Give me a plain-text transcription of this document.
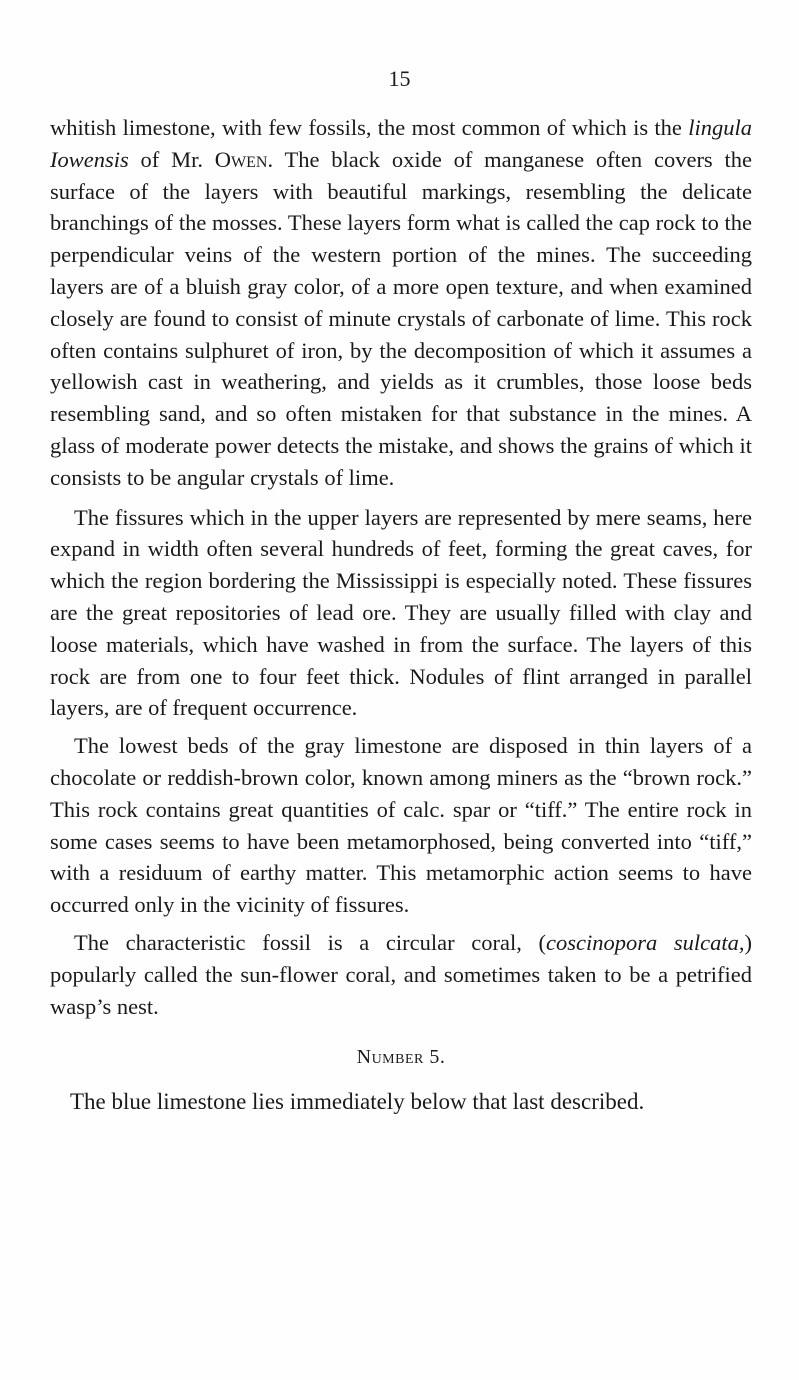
15

whitish limestone, with few fossils, the most common of which is the lingula Iowensis of Mr. Owen. The black oxide of manganese often covers the surface of the layers with beautiful markings, resembling the delicate branchings of the mosses. These layers form what is called the cap rock to the perpendicular veins of the western portion of the mines. The succeeding layers are of a bluish gray color, of a more open texture, and when examined closely are found to consist of minute crystals of carbonate of lime. This rock often contains sulphuret of iron, by the decomposition of which it assumes a yellowish cast in weathering, and yields as it crumbles, those loose beds resembling sand, and so often mistaken for that substance in the mines. A glass of moderate power detects the mistake, and shows the grains of which it consists to be angular crystals of lime.

The fissures which in the upper layers are represented by mere seams, here expand in width often several hundreds of feet, forming the great caves, for which the region bordering the Mississippi is especially noted. These fissures are the great repositories of lead ore. They are usually filled with clay and loose materials, which have washed in from the surface. The layers of this rock are from one to four feet thick. Nodules of flint arranged in parallel layers, are of frequent occurrence.

The lowest beds of the gray limestone are disposed in thin layers of a chocolate or reddish-brown color, known among miners as the “brown rock.” This rock contains great quantities of calc. spar or “tiff.” The entire rock in some cases seems to have been metamorphosed, being converted into “tiff,” with a residuum of earthy matter. This metamorphic action seems to have occurred only in the vicinity of fissures.

The characteristic fossil is a circular coral, (coscinopora sulcata,) popularly called the sun-flower coral, and sometimes taken to be a petrified wasp’s nest.

Number 5.

The blue limestone lies immediately below that last described.
